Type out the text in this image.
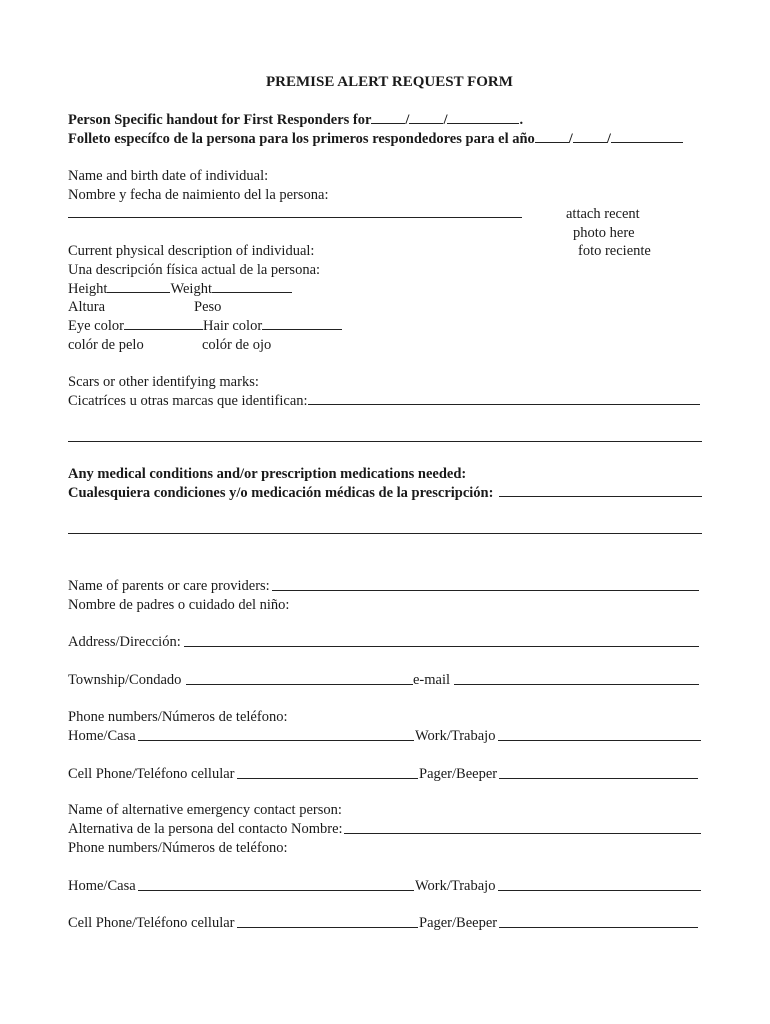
PREMISE ALERT REQUEST FORM
Person Specific handout for First Responders for / /	.
Folleto específco de la persona para los primeros respondedores para el año / /
Name and birth date of individual:
Nombre y fecha de naimiento del la persona:
attach recent
photo here
foto reciente
Current physical description of individual:
Una descripción física actual de la persona:
Height	Weight
Altura	Peso
Eye color	Hair color
colór de pelo	colór de ojo
Scars or other identifying marks:
Cicatríces u otras marcas que identifican:
Any medical conditions and/or prescription medications needed:
Cualesquiera condiciones y/o medicación médicas de la prescripción:
Name of parents or care providers:
Nombre de padres o cuidado del niño:
Address/Dirección:
Township/Condado	e-mail
Phone numbers/Números de teléfono:
Home/Casa	Work/Trabajo
Cell Phone/Teléfono cellular	Pager/Beeper
Name of alternative emergency contact person:
Alternativa de la persona del contacto Nombre:
Phone numbers/Números de teléfono:
Home/Casa	Work/Trabajo
Cell Phone/Teléfono cellular	Pager/Beeper
